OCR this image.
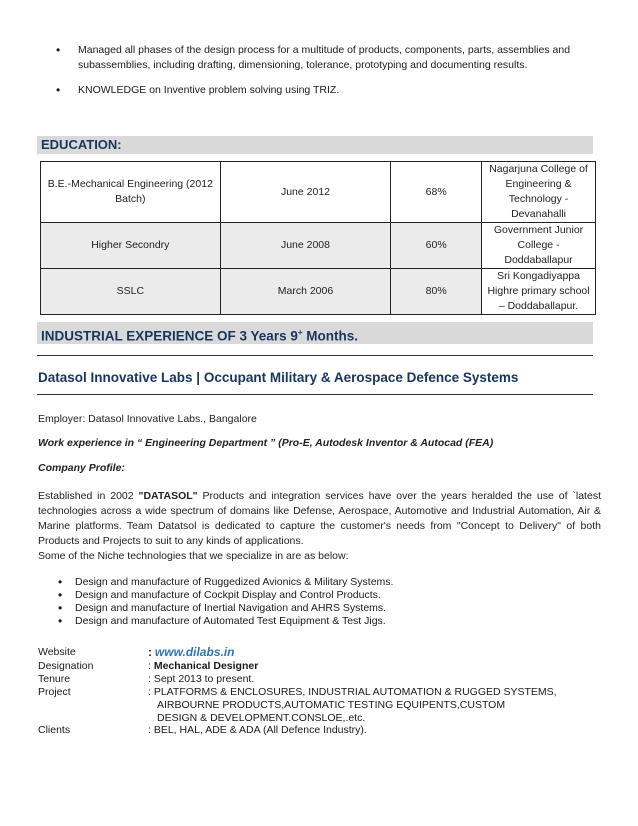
• Managed all phases of the design process for a multitude of products, components, parts, assemblies and subassemblies, including drafting, dimensioning, tolerance, prototyping and documenting results.
• KNOWLEDGE on Inventive problem solving using TRIZ.
EDUCATION:
B.E.-Mechanical Engineering (2012 Batch)	June 2012	68%	Nagarjuna College of Engineering & Technology - Devanahalli
Higher Secondry	June 2008	60%	Government Junior College - Doddaballapur
SSLC	March 2006	80%	Sri Kongadiyappa Highre primary school – Doddaballapur.
INDUSTRIAL EXPERIENCE OF 3 Years 9+ Months.
Datasol Innovative Labs | Occupant Military & Aerospace Defence Systems
Employer: Datasol Innovative Labs., Bangalore
Work experience in “ Engineering Department ” (Pro-E, Autodesk Inventor & Autocad (FEA)
Company Profile:
Established in 2002 "DATASOL" Products and integration services have over the years heralded the use of `latest technologies across a wide spectrum of domains like Defense, Aerospace, Automotive and Industrial Automation, Air & Marine platforms. Team Datatsol is dedicated to capture the customer's needs from "Concept to Delivery" of both Products and Projects to suit to any kinds of applications.
Some of the Niche technologies that we specialize in are as below:
• Design and manufacture of Ruggedized Avionics & Military Systems.
• Design and manufacture of Cockpit Display and Control Products.
• Design and manufacture of Inertial Navigation and AHRS Systems.
• Design and manufacture of Automated Test Equipment & Test Jigs.
Website	: www.dilabs.in
Designation	: Mechanical Designer
Tenure	: Sept 2013 to present.
Project	: PLATFORMS & ENCLOSURES, INDUSTRIAL AUTOMATION & RUGGED SYSTEMS,
AIRBOURNE PRODUCTS,AUTOMATIC TESTING EQUIPENTS,CUSTOM
DESIGN & DEVELOPMENT.CONSLOE,.etc.
Clients	: BEL, HAL, ADE & ADA (All Defence Industry).
